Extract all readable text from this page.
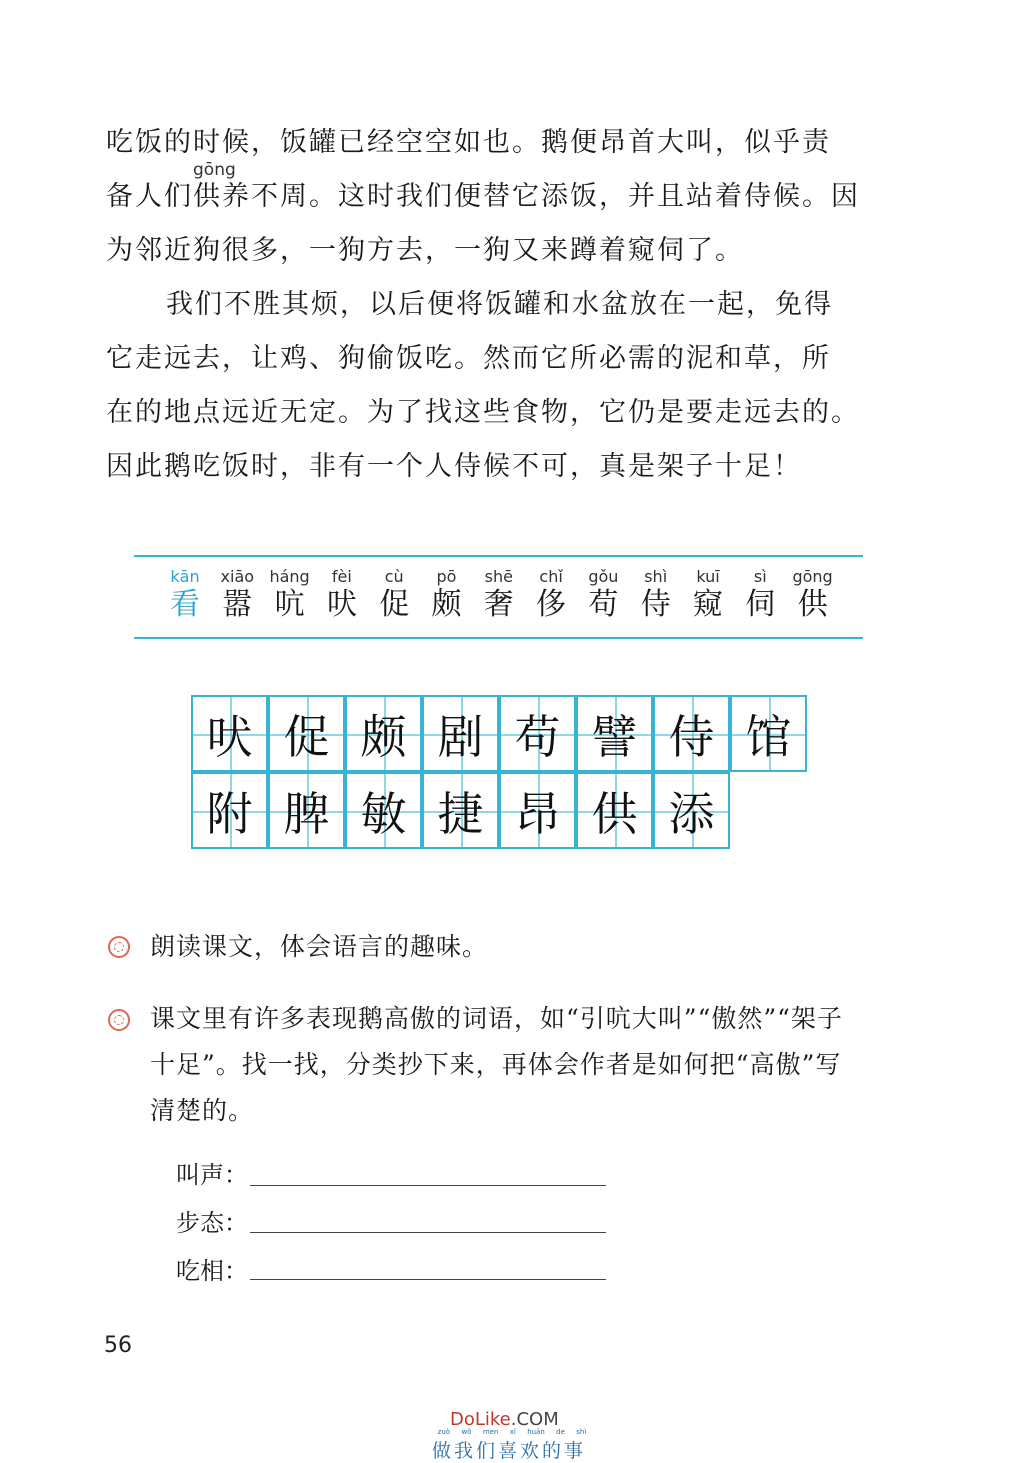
吃饭的时候，饭罐已经空空如也。鹅便昂首大叫，似乎责
gōng
备人们供养不周。这时我们便替它添饭，并且站着侍候。因
为邻近狗很多，一狗方去，一狗又来蹲着窥伺了。
我们不胜其烦，以后便将饭罐和水盆放在一起，免得
它走远去，让鸡、狗偷饭吃。然而它所必需的泥和草，所
在的地点远近无定。为了找这些食物，它仍是要走远去的。
因此鹅吃饭时，非有一个人侍候不可，真是架子十足！
kān
看
xiāo
嚣
háng
吭
fèi
吠
cù
促
pō
颇
shē
奢
chǐ
侈
gǒu
苟
shì
侍
kuī
窥
sì
伺
gōng
供
吠 促 颇 剧 苟 譬 侍 馆
附 脾 敏 捷 昂 供 添
朗读课文，体会语言的趣味。
课文里有许多表现鹅高傲的词语，如“引吭大叫”“傲然”“架子
十足”。找一找，分类抄下来，再体会作者是如何把“高傲”写
清楚的。
叫声：
步态：
吃相：
56
DoLike.COM
zuò wǒ men xǐ huān de shì
做我们喜欢的事
